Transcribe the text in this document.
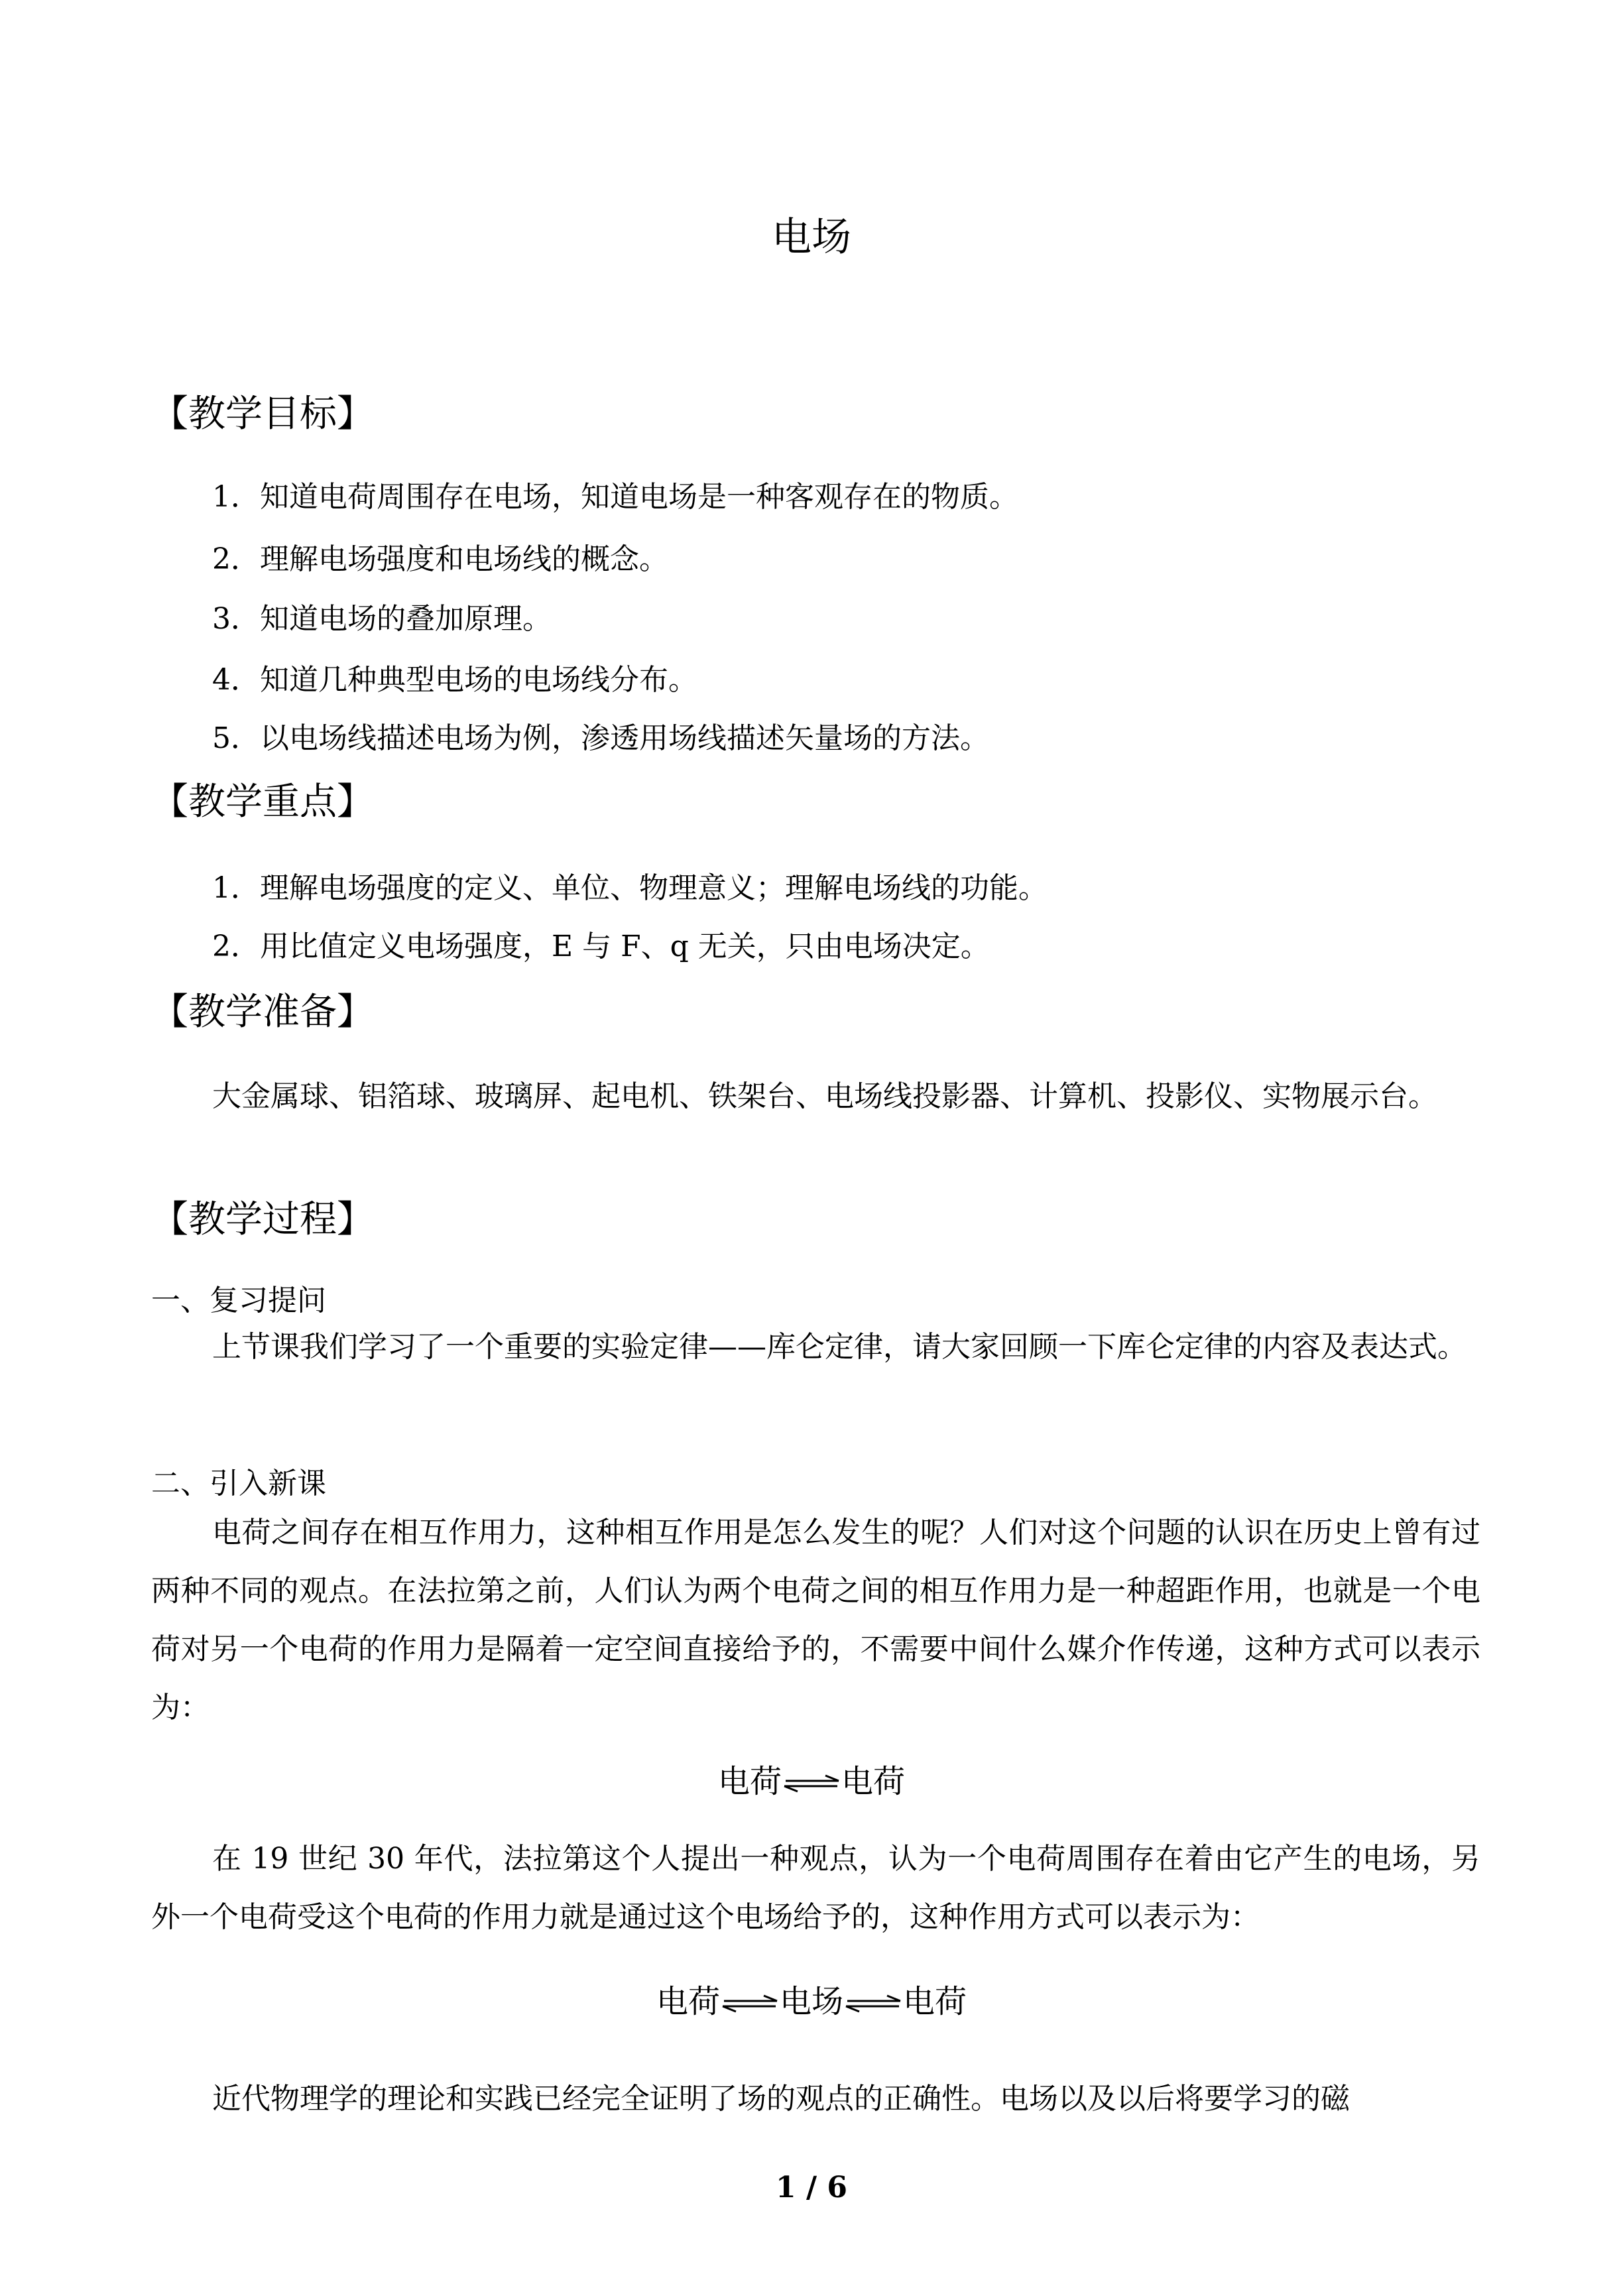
电场
【教学目标】
1．知道电荷周围存在电场，知道电场是一种客观存在的物质。
2．理解电场强度和电场线的概念。
3．知道电场的叠加原理。
4．知道几种典型电场的电场线分布。
5．以电场线描述电场为例，渗透用场线描述矢量场的方法。
【教学重点】
1．理解电场强度的定义、单位、物理意义；理解电场线的功能。
2．用比值定义电场强度，E 与 F、q 无关，只由电场决定。
【教学准备】
大金属球、铝箔球、玻璃屏、起电机、铁架台、电场线投影器、计算机、投影仪、实物展示台。
【教学过程】
一、复习提问
上节课我们学习了一个重要的实验定律——库仑定律，请大家回顾一下库仑定律的内容及表达式。
二、引入新课
电荷之间存在相互作用力，这种相互作用是怎么发生的呢？人们对这个问题的认识在历史上曾有过两种不同的观点。在法拉第之前，人们认为两个电荷之间的相互作用力是一种超距作用，也就是一个电荷对另一个电荷的作用力是隔着一定空间直接给予的，不需要中间什么媒介作传递，这种方式可以表示为：
电荷 电荷
在 19 世纪 30 年代，法拉第这个人提出一种观点，认为一个电荷周围存在着由它产生的电场，另外一个电荷受这个电荷的作用力就是通过这个电场给予的，这种作用方式可以表示为：
电荷 电场 电荷
近代物理学的理论和实践已经完全证明了场的观点的正确性。电场以及以后将要学习的磁
1 / 6
